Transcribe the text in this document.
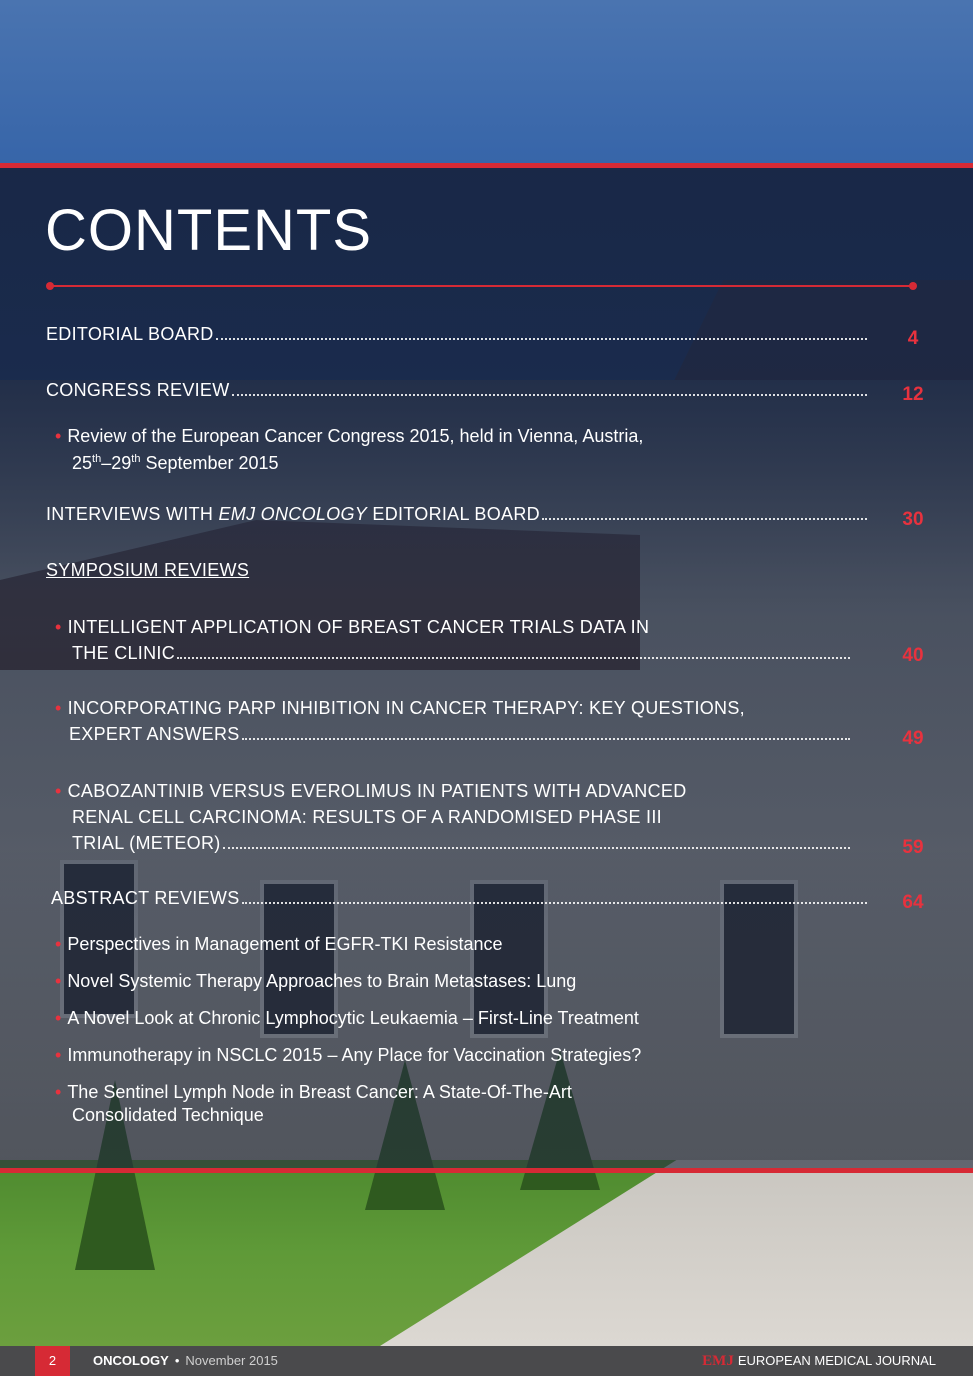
CONTENTS
EDITORIAL BOARD	4
CONGRESS REVIEW	12
• Review of the European Cancer Congress 2015, held in Vienna, Austria,
25th–29th September 2015
INTERVIEWS WITH EMJ ONCOLOGY EDITORIAL BOARD	30
SYMPOSIUM REVIEWS
• INTELLIGENT APPLICATION OF BREAST CANCER TRIALS DATA IN
THE CLINIC	40
• INCORPORATING PARP INHIBITION IN CANCER THERAPY: KEY QUESTIONS,
EXPERT ANSWERS	49
• CABOZANTINIB VERSUS EVEROLIMUS IN PATIENTS WITH ADVANCED
RENAL CELL CARCINOMA: RESULTS OF A RANDOMISED PHASE III
TRIAL (METEOR)	59
ABSTRACT REVIEWS	64
• Perspectives in Management of EGFR-TKI Resistance
• Novel Systemic Therapy Approaches to Brain Metastases: Lung
• A Novel Look at Chronic Lymphocytic Leukaemia – First-Line Treatment
• Immunotherapy in NSCLC 2015 – Any Place for Vaccination Strategies?
• The Sentinel Lymph Node in Breast Cancer: A State-Of-The-Art
Consolidated Technique
2	ONCOLOGY • November 2015	EMJ EUROPEAN MEDICAL JOURNAL
